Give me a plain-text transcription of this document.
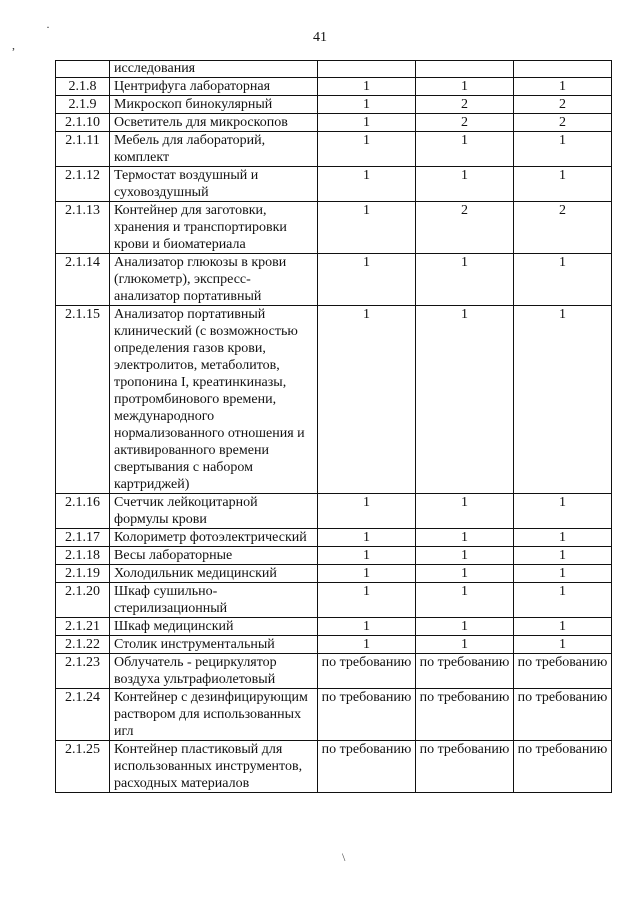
41
,
·
	исследования			
2.1.8	Центрифуга лабораторная	1	1	1
2.1.9	Микроскоп бинокулярный	1	2	2
2.1.10	Осветитель для микроскопов	1	2	2
2.1.11	Мебель для лабораторий, комплект	1	1	1
2.1.12	Термостат воздушный и суховоздушный	1	1	1
2.1.13	Контейнер для заготовки, хранения и транспортировки крови и биоматериала	1	2	2
2.1.14	Анализатор глюкозы в крови (глюкометр), экспресс-анализатор портативный	1	1	1
2.1.15	Анализатор портативный клинический (с возможностью определения газов крови, электролитов, метаболитов, тропонина I, креатинкиназы, протромбинового времени, международного нормализованного отношения и активированного времени свертывания с набором картриджей)	1	1	1
2.1.16	Счетчик лейкоцитарной формулы крови	1	1	1
2.1.17	Колориметр фотоэлектрический	1	1	1
2.1.18	Весы лабораторные	1	1	1
2.1.19	Холодильник медицинский	1	1	1
2.1.20	Шкаф сушильно-стерилизационный	1	1	1
2.1.21	Шкаф медицинский	1	1	1
2.1.22	Столик инструментальный	1	1	1
2.1.23	Облучатель - рециркулятор воздуха ультрафиолетовый	по требованию	по требованию	по требованию
2.1.24	Контейнер с дезинфицирующим раствором для использованных игл	по требованию	по требованию	по требованию
2.1.25	Контейнер пластиковый для использованных инструментов, расходных материалов	по требованию	по требованию	по требованию
\
